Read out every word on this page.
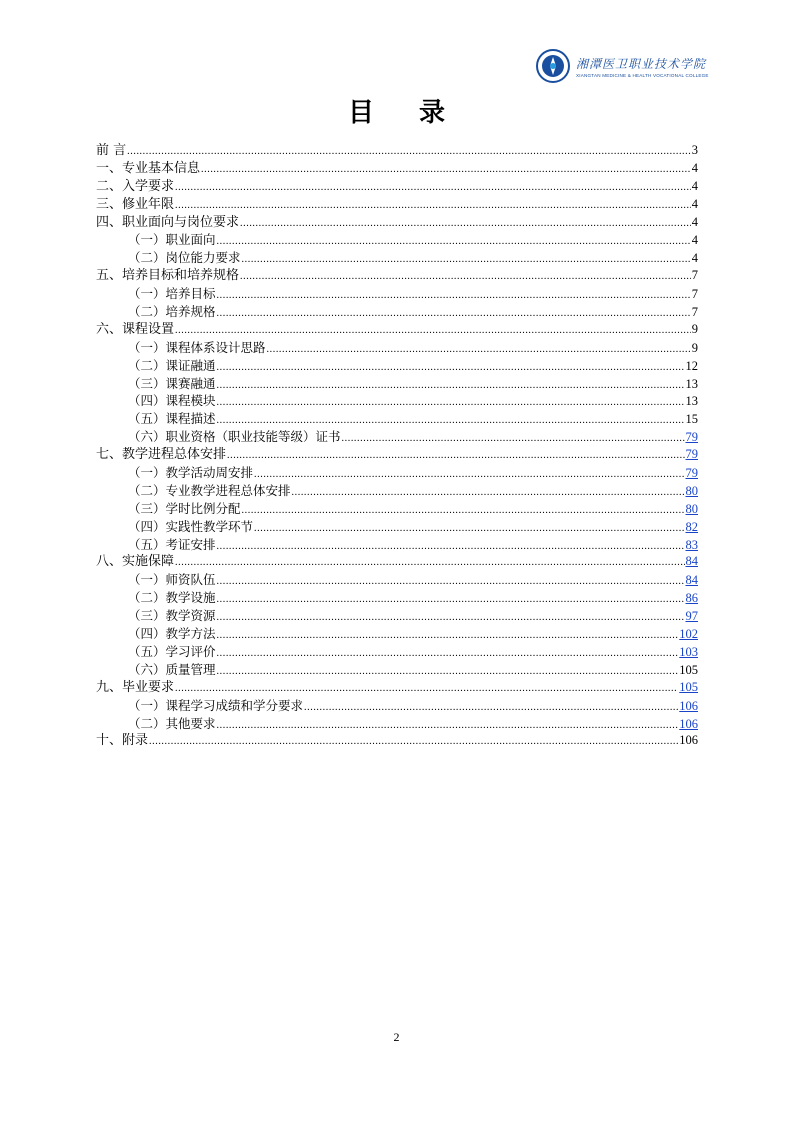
湘潭医卫职业技术学院
XIANGTAN MEDICINE & HEALTH VOCATIONAL COLLEGE
目 录
前 言 .....	3
一、专业基本信息 .....	4
二、入学要求 .....	4
三、修业年限 .....	4
四、职业面向与岗位要求 .....	4
（一）职业面向 .....	4
（二）岗位能力要求 .....	4
五、培养目标和培养规格 .....	7
（一）培养目标 .....	7
（二）培养规格 .....	7
六、课程设置 .....	9
（一）课程体系设计思路 .....	9
（二）课证融通 .....	12
（三）课赛融通 .....	13
（四）课程模块 .....	13
（五）课程描述 .....	15
（六）职业资格（职业技能等级）证书 .....	79
七、教学进程总体安排 .....	79
（一）教学活动周安排 .....	79
（二）专业教学进程总体安排 .....	80
（三）学时比例分配 .....	80
（四）实践性教学环节 .....	82
（五）考证安排 .....	83
八、实施保障 .....	84
（一）师资队伍 .....	84
（二）教学设施 .....	86
（三）教学资源 .....	97
（四）教学方法 .....	102
（五）学习评价 .....	103
（六）质量管理 .....	105
九、毕业要求 .....	105
（一）课程学习成绩和学分要求 .....	106
（二）其他要求 .....	106
十、附录 .....	106
2
